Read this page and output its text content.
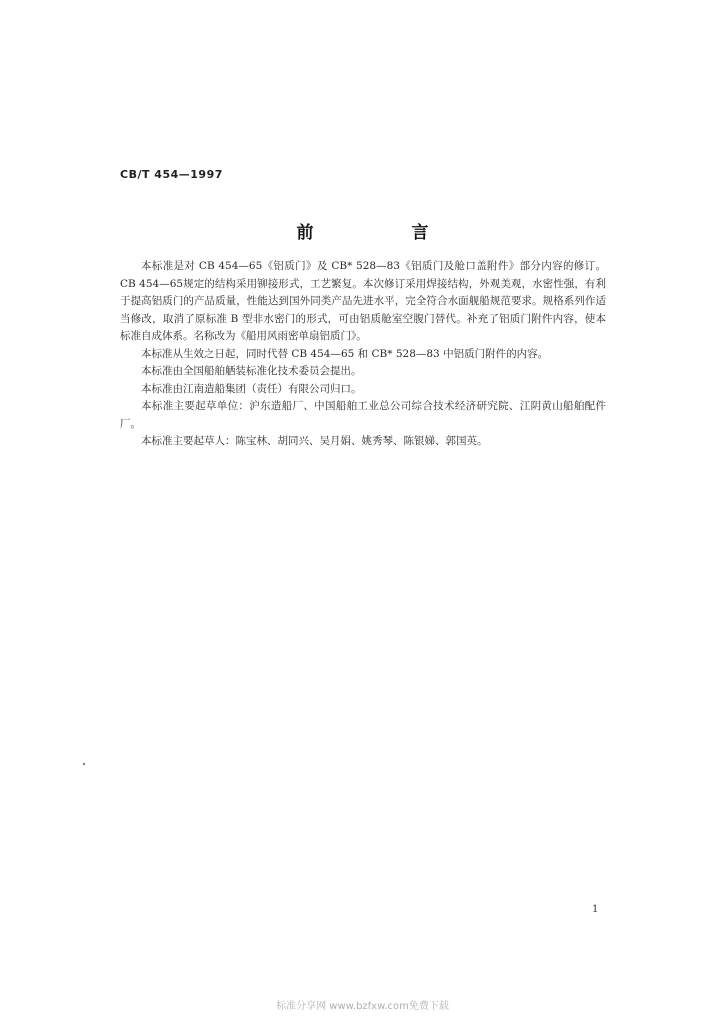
CB/T 454—1997
前 言

本标准是对 CB 454—65《铝质门》及 CB* 528—83《铝质门及舱口盖附件》部分内容的修订。CB 454—65规定的结构采用铆接形式，工艺繁复。本次修订采用焊接结构，外观美观，水密性强，有利于提高铝质门的产品质量，性能达到国外同类产品先进水平，完全符合水面舰船规范要求。规格系列作适当修改，取消了原标准 B 型非水密门的形式，可由铝质舱室空腹门替代。补充了铝质门附件内容，使本标准自成体系。名称改为《船用风雨密单扇铝质门》。

本标准从生效之日起，同时代替 CB 454—65 和 CB* 528—83 中铝质门附件的内容。

本标准由全国船舶舾装标准化技术委员会提出。

本标准由江南造船集团（责任）有限公司归口。

本标准主要起草单位：沪东造船厂、中国船舶工业总公司综合技术经济研究院、江阴黄山船舶配件厂。

本标准主要起草人：陈宝林、胡同兴、吴月娟、姚秀琴、陈银娣、郭国英。

1
标准分享网 www.bzfxw.com免费下载
